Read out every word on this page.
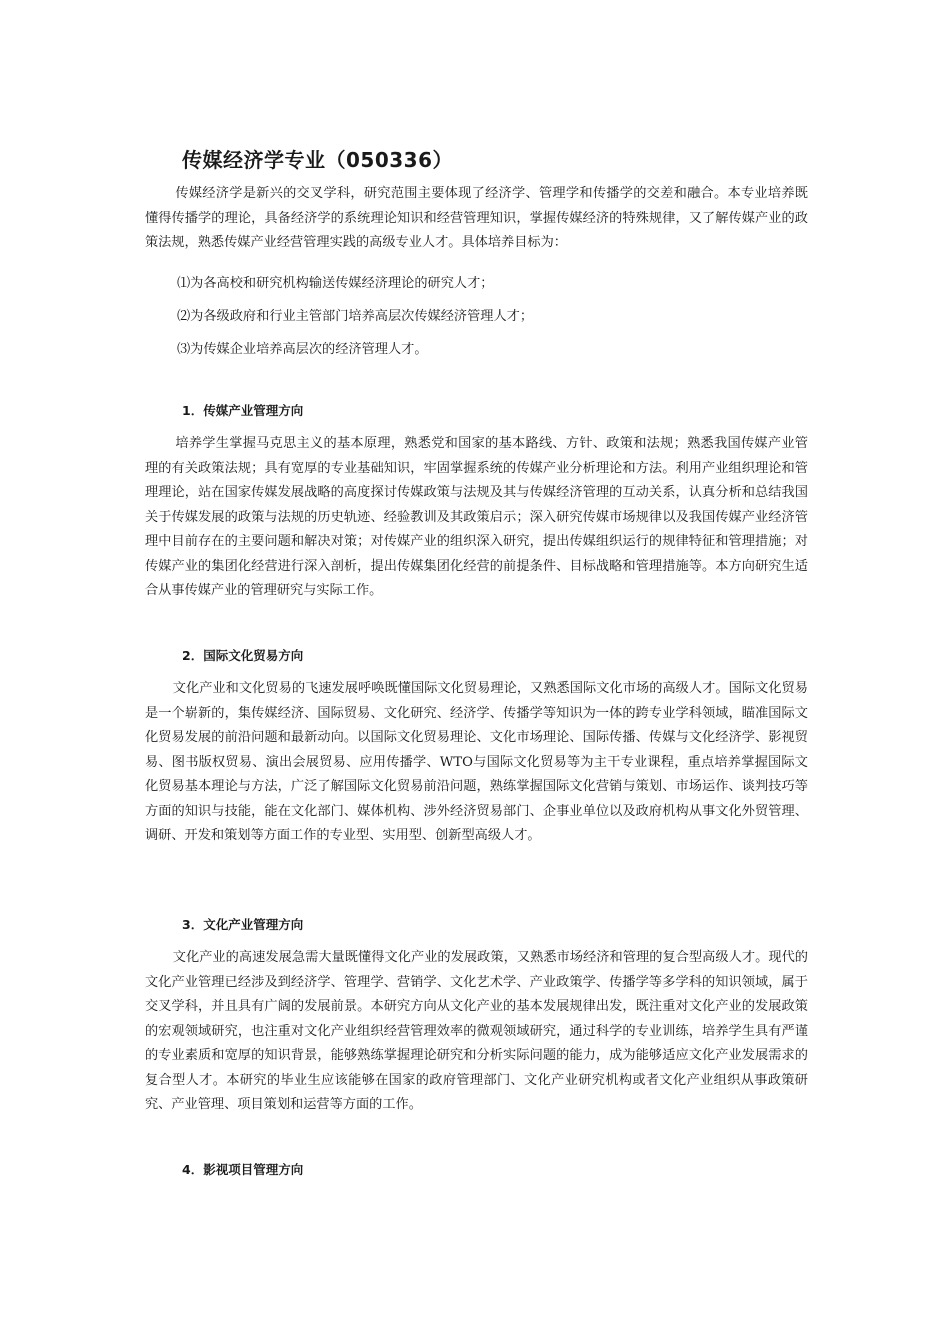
传媒经济学专业（050336）

传媒经济学是新兴的交叉学科，研究范围主要体现了经济学、管理学和传播学的交差和融合。本专业培养既懂得传播学的理论，具备经济学的系统理论知识和经营管理知识，掌握传媒经济的特殊规律，又了解传媒产业的政策法规，熟悉传媒产业经营管理实践的高级专业人才。具体培养目标为：

⑴为各高校和研究机构输送传媒经济理论的研究人才；
⑵为各级政府和行业主管部门培养高层次传媒经济管理人才；
⑶为传媒企业培养高层次的经济管理人才。
1．传媒产业管理方向

培养学生掌握马克思主义的基本原理，熟悉党和国家的基本路线、方针、政策和法规；熟悉我国传媒产业管理的有关政策法规；具有宽厚的专业基础知识，牢固掌握系统的传媒产业分析理论和方法。利用产业组织理论和管理理论，站在国家传媒发展战略的高度探讨传媒政策与法规及其与传媒经济管理的互动关系，认真分析和总结我国关于传媒发展的政策与法规的历史轨迹、经验教训及其政策启示；深入研究传媒市场规律以及我国传媒产业经济管理中目前存在的主要问题和解决对策；对传媒产业的组织深入研究，提出传媒组织运行的规律特征和管理措施；对传媒产业的集团化经营进行深入剖析，提出传媒集团化经营的前提条件、目标战略和管理措施等。本方向研究生适合从事传媒产业的管理研究与实际工作。

2．国际文化贸易方向

文化产业和文化贸易的飞速发展呼唤既懂国际文化贸易理论，又熟悉国际文化市场的高级人才。国际文化贸易是一个崭新的，集传媒经济、国际贸易、文化研究、经济学、传播学等知识为一体的跨专业学科领域，瞄准国际文化贸易发展的前沿问题和最新动向。以国际文化贸易理论、文化市场理论、国际传播、传媒与文化经济学、影视贸易、图书版权贸易、演出会展贸易、应用传播学、WTO与国际文化贸易等为主干专业课程，重点培养掌握国际文化贸易基本理论与方法，广泛了解国际文化贸易前沿问题，熟练掌握国际文化营销与策划、市场运作、谈判技巧等方面的知识与技能，能在文化部门、媒体机构、涉外经济贸易部门、企事业单位以及政府机构从事文化外贸管理、调研、开发和策划等方面工作的专业型、实用型、创新型高级人才。

3．文化产业管理方向

文化产业的高速发展急需大量既懂得文化产业的发展政策，又熟悉市场经济和管理的复合型高级人才。现代的文化产业管理已经涉及到经济学、管理学、营销学、文化艺术学、产业政策学、传播学等多学科的知识领域，属于交叉学科，并且具有广阔的发展前景。本研究方向从文化产业的基本发展规律出发，既注重对文化产业的发展政策的宏观领域研究，也注重对文化产业组织经营管理效率的微观领域研究，通过科学的专业训练，培养学生具有严谨的专业素质和宽厚的知识背景，能够熟练掌握理论研究和分析实际问题的能力，成为能够适应文化产业发展需求的复合型人才。本研究的毕业生应该能够在国家的政府管理部门、文化产业研究机构或者文化产业组织从事政策研究、产业管理、项目策划和运营等方面的工作。

4．影视项目管理方向
